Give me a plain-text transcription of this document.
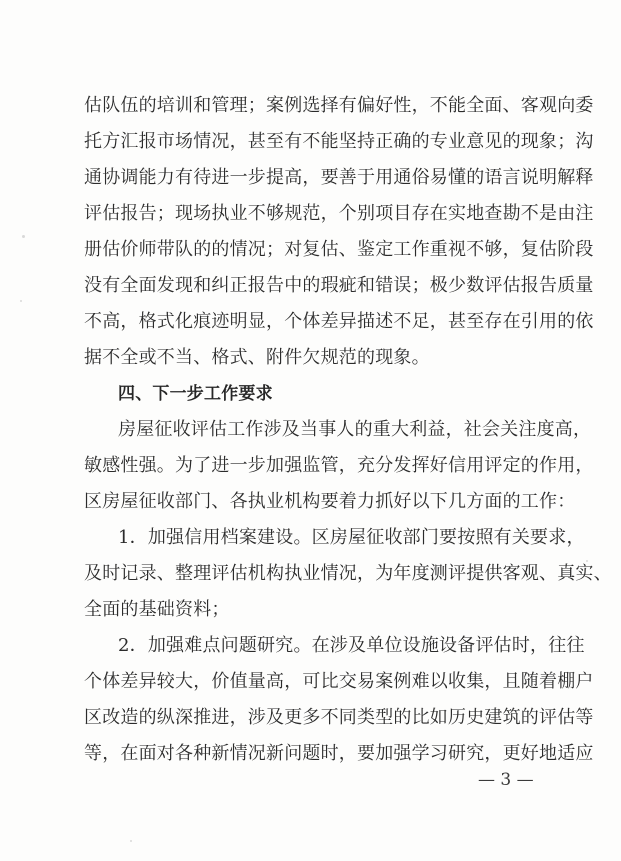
估队伍的培训和管理；案例选择有偏好性，不能全面、客观向委
托方汇报市场情况，甚至有不能坚持正确的专业意见的现象；沟
通协调能力有待进一步提高，要善于用通俗易懂的语言说明解释
评估报告；现场执业不够规范，个别项目存在实地查勘不是由注
册估价师带队的的情况；对复估、鉴定工作重视不够，复估阶段
没有全面发现和纠正报告中的瑕疵和错误；极少数评估报告质量
不高，格式化痕迹明显，个体差异描述不足，甚至存在引用的依
据不全或不当、格式、附件欠规范的现象。
四、下一步工作要求
房屋征收评估工作涉及当事人的重大利益，社会关注度高，
敏感性强。为了进一步加强监管，充分发挥好信用评定的作用，
区房屋征收部门、各执业机构要着力抓好以下几方面的工作：
1．加强信用档案建设。区房屋征收部门要按照有关要求，
及时记录、整理评估机构执业情况，为年度测评提供客观、真实、
全面的基础资料；
2．加强难点问题研究。在涉及单位设施设备评估时，往往
个体差异较大，价值量高，可比交易案例难以收集，且随着棚户
区改造的纵深推进，涉及更多不同类型的比如历史建筑的评估等
等，在面对各种新情况新问题时，要加强学习研究，更好地适应
— 3 —
